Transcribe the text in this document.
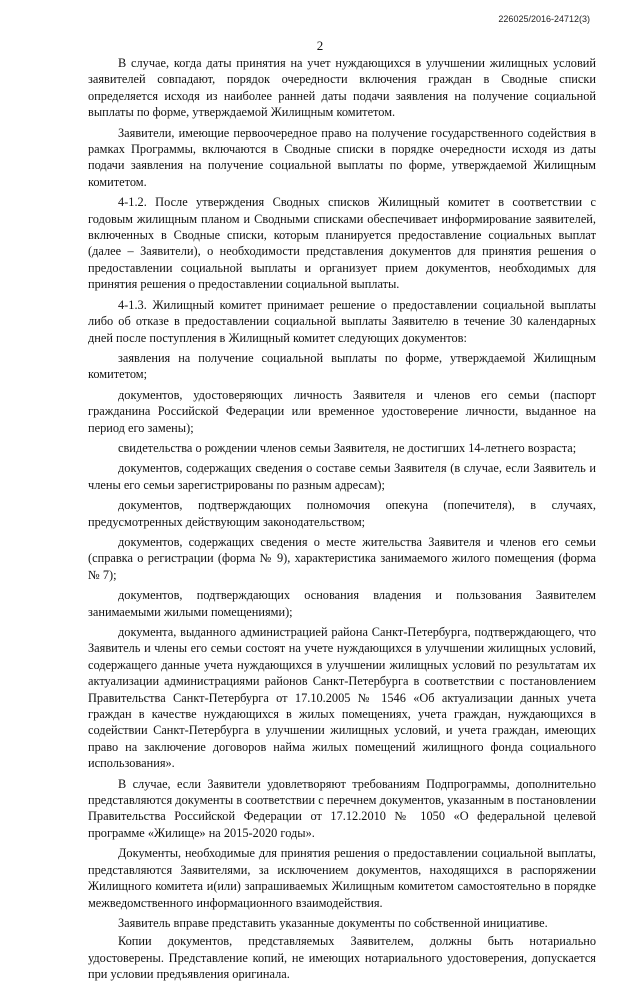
226025/2016-24712(3)
2

В случае, когда даты принятия на учет нуждающихся в улучшении жилищных условий заявителей совпадают, порядок очередности включения граждан в Сводные списки определяется исходя из наиболее ранней даты подачи заявления на получение социальной выплаты по форме, утверждаемой Жилищным комитетом.

Заявители, имеющие первоочередное право на получение государственного содействия в рамках Программы, включаются в Сводные списки в порядке очередности исходя из даты подачи заявления на получение социальной выплаты по форме, утверждаемой Жилищным комитетом.

4-1.2. После утверждения Сводных списков Жилищный комитет в соответствии с годовым жилищным планом и Сводными списками обеспечивает информирование заявителей, включенных в Сводные списки, которым планируется предоставление социальных выплат (далее – Заявители), о необходимости представления документов для принятия решения о предоставлении социальной выплаты и организует прием документов, необходимых для принятия решения о предоставлении социальной выплаты.

4-1.3. Жилищный комитет принимает решение о предоставлении социальной выплаты либо об отказе в предоставлении социальной выплаты Заявителю в течение 30 календарных дней после поступления в Жилищный комитет следующих документов:

заявления на получение социальной выплаты по форме, утверждаемой Жилищным комитетом;

документов, удостоверяющих личность Заявителя и членов его семьи (паспорт гражданина Российской Федерации или временное удостоверение личности, выданное на период его замены);

свидетельства о рождении членов семьи Заявителя, не достигших 14-летнего возраста;

документов, содержащих сведения о составе семьи Заявителя (в случае, если Заявитель и члены его семьи зарегистрированы по разным адресам);

документов, подтверждающих полномочия опекуна (попечителя), в случаях, предусмотренных действующим законодательством;

документов, содержащих сведения о месте жительства Заявителя и членов его семьи (справка о регистрации (форма № 9), характеристика занимаемого жилого помещения (форма № 7);

документов, подтверждающих основания владения и пользования Заявителем занимаемыми жилыми помещениями);

документа, выданного администрацией района Санкт-Петербурга, подтверждающего, что Заявитель и члены его семьи состоят на учете нуждающихся в улучшении жилищных условий, содержащего данные учета нуждающихся в улучшении жилищных условий по результатам их актуализации администрациями районов Санкт-Петербурга в соответствии с постановлением Правительства Санкт-Петербурга от 17.10.2005 № 1546 «Об актуализации данных учета граждан в качестве нуждающихся в жилых помещениях, учета граждан, нуждающихся в содействии Санкт-Петербурга в улучшении жилищных условий, и учета граждан, имеющих право на заключение договоров найма жилых помещений жилищного фонда социального использования».

В случае, если Заявители удовлетворяют требованиям Подпрограммы, дополнительно представляются документы в соответствии с перечнем документов, указанным в постановлении Правительства Российской Федерации от 17.12.2010 № 1050 «О федеральной целевой программе «Жилище» на 2015-2020 годы».

Документы, необходимые для принятия решения о предоставлении социальной выплаты, представляются Заявителями, за исключением документов, находящихся в распоряжении Жилищного комитета и(или) запрашиваемых Жилищным комитетом самостоятельно в порядке межведомственного информационного взаимодействия.

Заявитель вправе представить указанные документы по собственной инициативе.

Копии документов, представляемых Заявителем, должны быть нотариально удостоверены. Представление копий, не имеющих нотариального удостоверения, допускается при условии предъявления оригинала.
